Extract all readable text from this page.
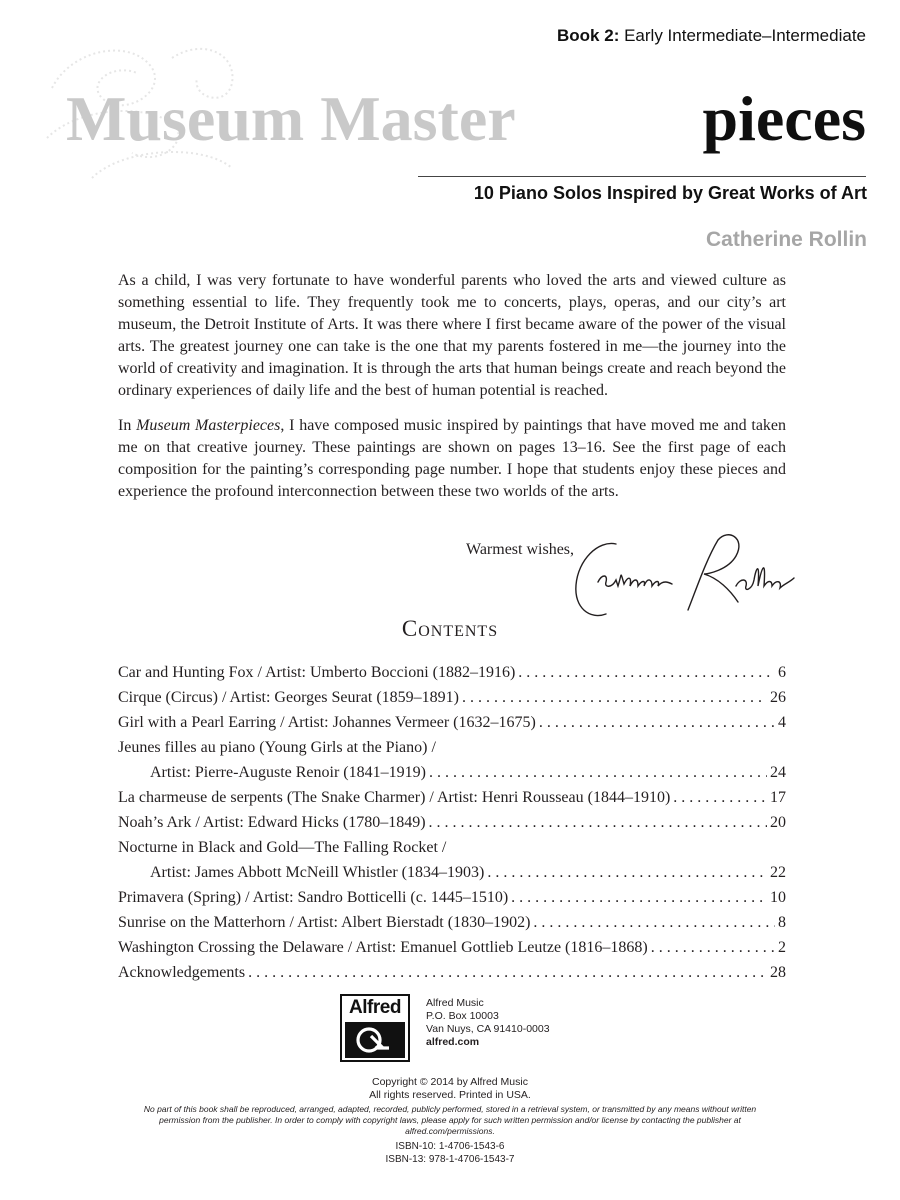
Book 2: Early Intermediate–Intermediate
Museum Master	pieces
10 Piano Solos Inspired by Great Works of Art
Catherine Rollin

As a child, I was very fortunate to have wonderful parents who loved the arts and viewed culture as something essential to life. They frequently took me to concerts, plays, operas, and our city’s art museum, the Detroit Institute of Arts. It was there where I first became aware of the power of the visual arts. The greatest journey one can take is the one that my parents fostered in me—the journey into the world of creativity and imagination. It is through the arts that human beings create and reach beyond the ordinary experiences of daily life and the best of human potential is reached.

In Museum Masterpieces, I have composed music inspired by paintings that have moved me and taken me on that creative journey. These paintings are shown on pages 13–16. See the first page of each composition for the painting’s corresponding page number. I hope that students enjoy these pieces and experience the profound interconnection between these two worlds of the arts.

Warmest wishes,
Contents
Car and Hunting Fox / Artist: Umberto Boccioni (1882–1916) . . .	6
Cirque (Circus) / Artist: Georges Seurat (1859–1891) . . .	26
Girl with a Pearl Earring / Artist: Johannes Vermeer (1632–1675) . . .	4
Jeunes filles au piano (Young Girls at the Piano) /
Artist: Pierre-Auguste Renoir (1841–1919) . . .	24
La charmeuse de serpents (The Snake Charmer) / Artist: Henri Rousseau (1844–1910) . . .	17
Noah’s Ark / Artist: Edward Hicks (1780–1849) . . .	20
Nocturne in Black and Gold—The Falling Rocket /
Artist: James Abbott McNeill Whistler (1834–1903) . . .	22
Primavera (Spring) / Artist: Sandro Botticelli (c. 1445–1510) . . .	10
Sunrise on the Matterhorn / Artist: Albert Bierstadt (1830–1902) . . .	8
Washington Crossing the Delaware / Artist: Emanuel Gottlieb Leutze (1816–1868) . . .	2
Acknowledgements . . .	28
Alfred	Alfred Music
P.O. Box 10003
Van Nuys, CA 91410-0003
alfred.com
Copyright © 2014 by Alfred Music
All rights reserved. Printed in USA.
No part of this book shall be reproduced, arranged, adapted, recorded, publicly performed, stored in a retrieval system, or transmitted by any means without written permission from the publisher. In order to comply with copyright laws, please apply for such written permission and/or license by contacting the publisher at alfred.com/permissions.
ISBN-10: 1-4706-1543-6
ISBN-13: 978-1-4706-1543-7
